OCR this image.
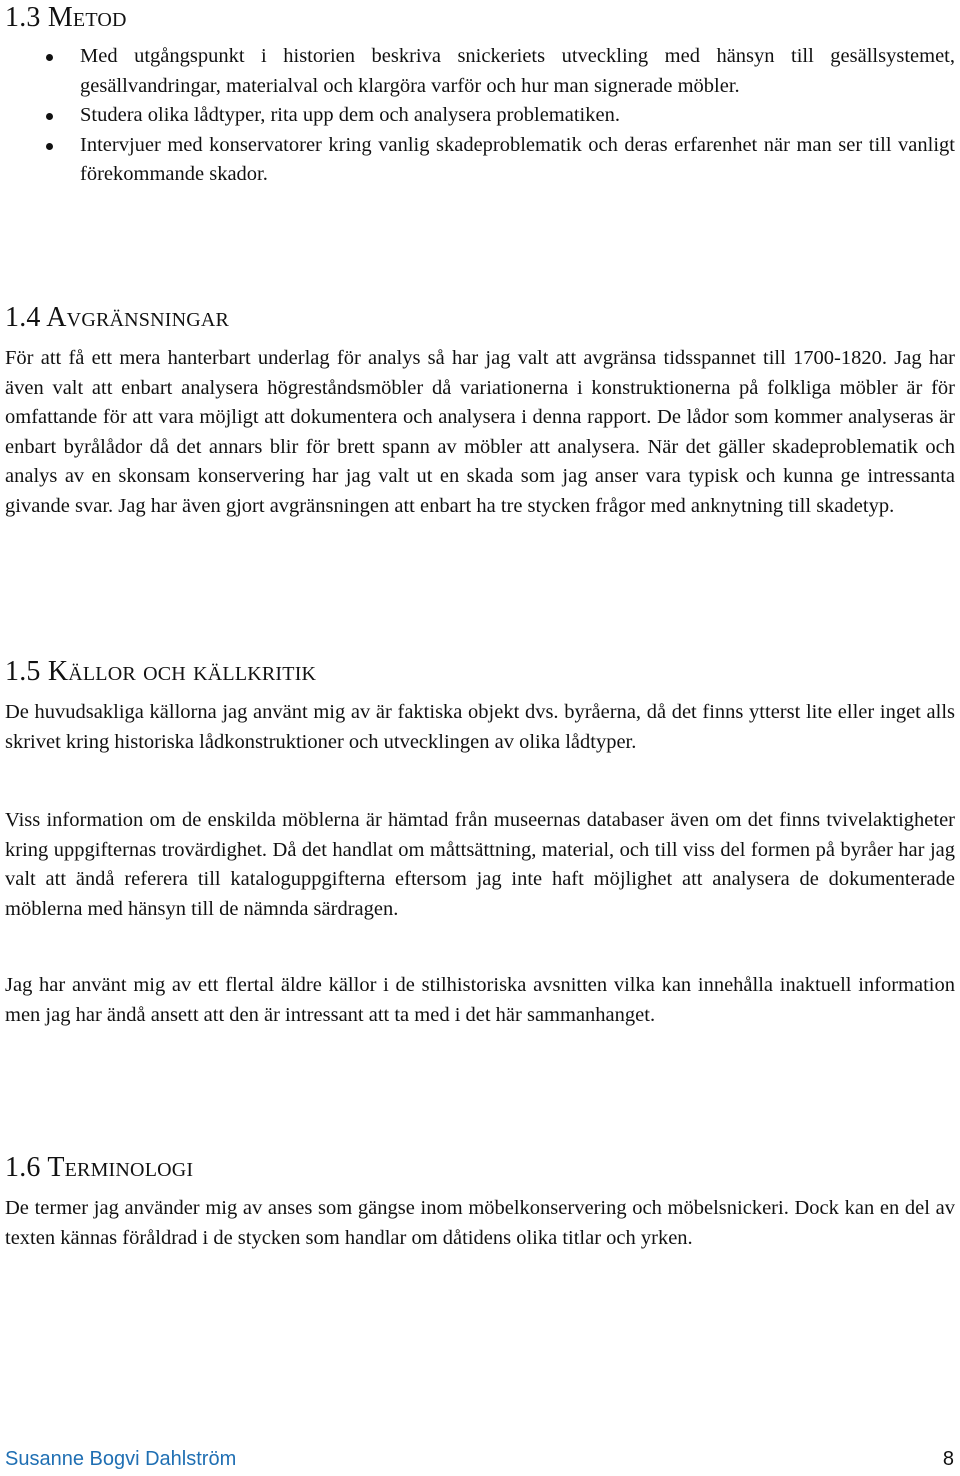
1.3 Metod
Med utgångspunkt i historien beskriva snickeriets utveckling med hänsyn till gesällsystemet, gesällvandringar, materialval och klargöra varför och hur man signerade möbler.
Studera olika lådtyper, rita upp dem och analysera problematiken.
Intervjuer med konservatorer kring vanlig skadeproblematik och deras erfarenhet när man ser till vanligt förekommande skador.
1.4 Avgränsningar

För att få ett mera hanterbart underlag för analys så har jag valt att avgränsa tidsspannet till 1700-1820. Jag har även valt att enbart analysera högreståndsmöbler då variationerna i konstruktionerna på folkliga möbler är för omfattande för att vara möjligt att dokumentera och analysera i denna rapport. De lådor som kommer analyseras är enbart byrålådor då det annars blir för brett spann av möbler att analysera. När det gäller skadeproblematik och analys av en skonsam konservering har jag valt ut en skada som jag anser vara typisk och kunna ge intressanta givande svar. Jag har även gjort avgränsningen att enbart ha tre stycken frågor med anknytning till skadetyp.

1.5 Källor och källkritik

De huvudsakliga källorna jag använt mig av är faktiska objekt dvs. byråerna, då det finns ytterst lite eller inget alls skrivet kring historiska lådkonstruktioner och utvecklingen av olika lådtyper.

Viss information om de enskilda möblerna är hämtad från museernas databaser även om det finns tvivelaktigheter kring uppgifternas trovärdighet. Då det handlat om måttsättning, material, och till viss del formen på byråer har jag valt att ändå referera till kataloguppgifterna eftersom jag inte haft möjlighet att analysera de dokumenterade möblerna med hänsyn till de nämnda särdragen.

Jag har använt mig av ett flertal äldre källor i de stilhistoriska avsnitten vilka kan innehålla inaktuell information men jag har ändå ansett att den är intressant att ta med i det här sammanhanget.

1.6 Terminologi

De termer jag använder mig av anses som gängse inom möbelkonservering och möbelsnickeri. Dock kan en del av texten kännas föråldrad i de stycken som handlar om dåtidens olika titlar och yrken.

Susanne Bogvi Dahlström	8
